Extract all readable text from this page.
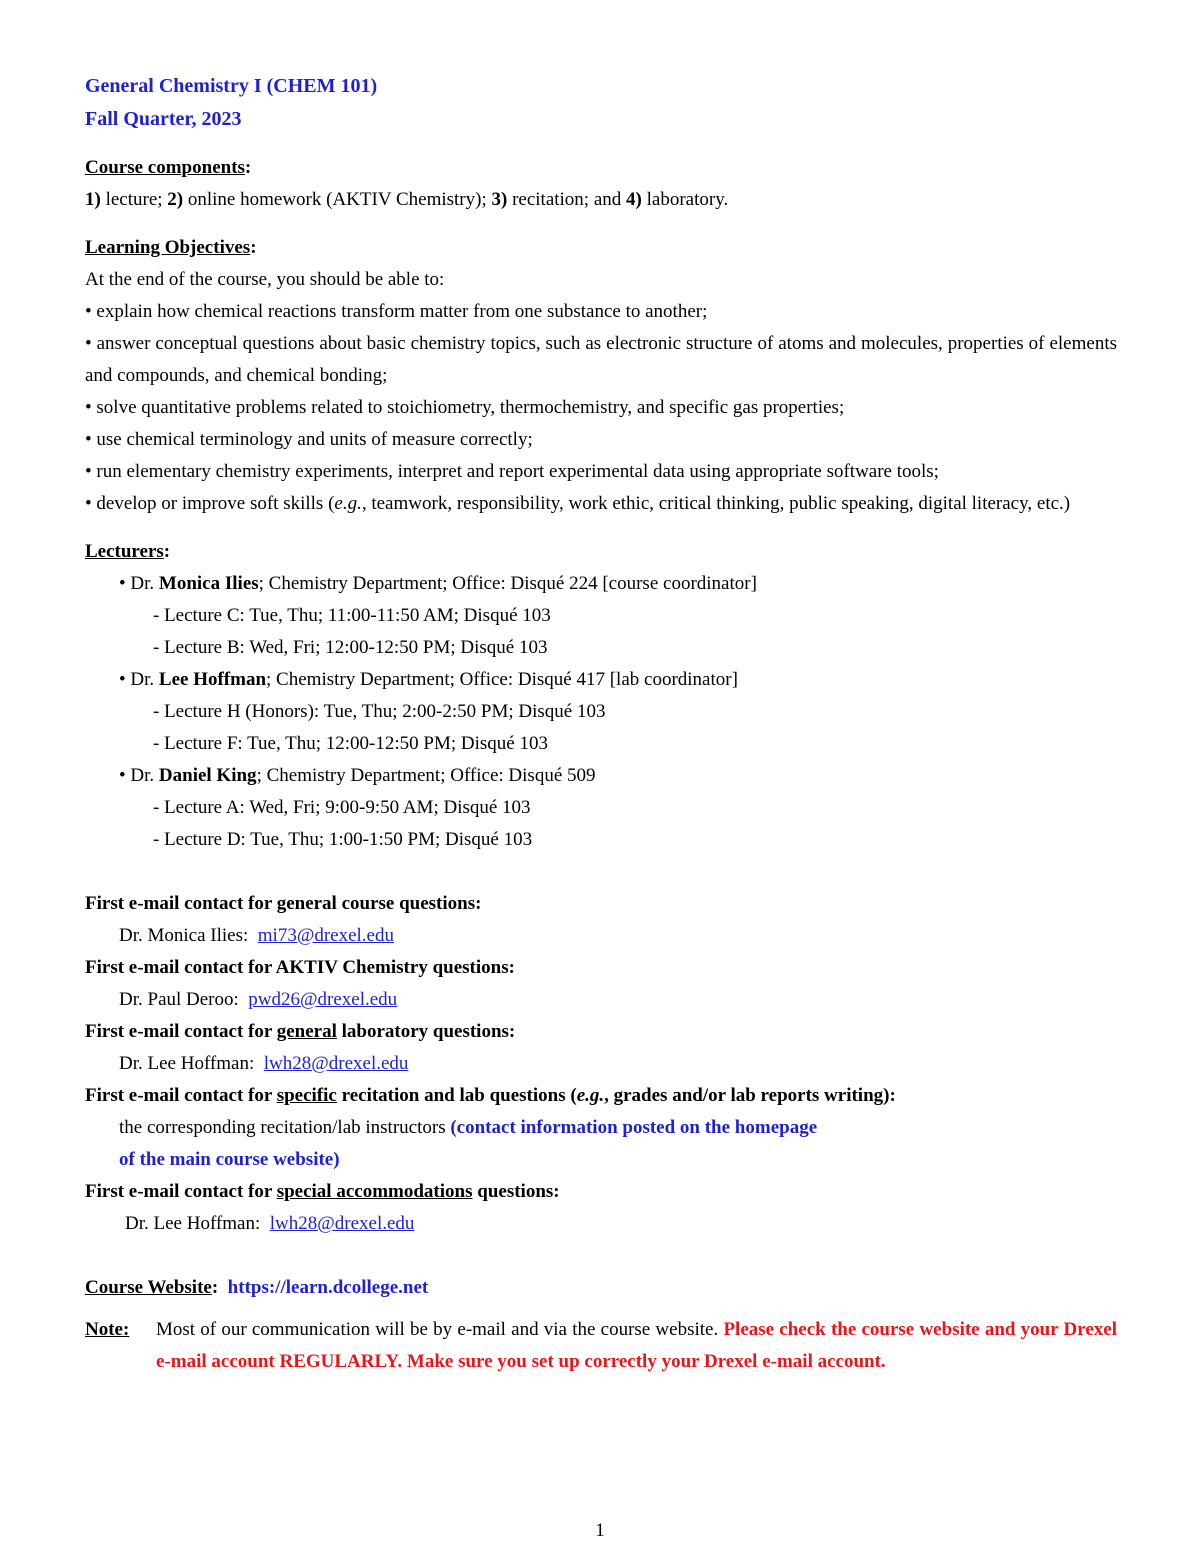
General Chemistry I (CHEM 101)
Fall Quarter, 2023
Course components:
1) lecture; 2) online homework (AKTIV Chemistry); 3) recitation; and 4) laboratory.
Learning Objectives:
At the end of the course, you should be able to:
• explain how chemical reactions transform matter from one substance to another;
• answer conceptual questions about basic chemistry topics, such as electronic structure of atoms and molecules, properties of elements and compounds, and chemical bonding;
• solve quantitative problems related to stoichiometry, thermochemistry, and specific gas properties;
• use chemical terminology and units of measure correctly;
• run elementary chemistry experiments, interpret and report experimental data using appropriate software tools;
• develop or improve soft skills (e.g., teamwork, responsibility, work ethic, critical thinking, public speaking, digital literacy, etc.)
Lecturers:
• Dr. Monica Ilies; Chemistry Department; Office: Disqué 224 [course coordinator]
- Lecture C: Tue, Thu; 11:00-11:50 AM; Disqué 103
- Lecture B: Wed, Fri; 12:00-12:50 PM; Disqué 103
• Dr. Lee Hoffman; Chemistry Department; Office: Disqué 417 [lab coordinator]
- Lecture H (Honors): Tue, Thu; 2:00-2:50 PM; Disqué 103
- Lecture F: Tue, Thu; 12:00-12:50 PM; Disqué 103
• Dr. Daniel King; Chemistry Department; Office: Disqué 509
- Lecture A: Wed, Fri; 9:00-9:50 AM; Disqué 103
- Lecture D: Tue, Thu; 1:00-1:50 PM; Disqué 103
First e-mail contact for general course questions:
Dr. Monica Ilies: mi73@drexel.edu
First e-mail contact for AKTIV Chemistry questions:
Dr. Paul Deroo: pwd26@drexel.edu
First e-mail contact for general laboratory questions:
Dr. Lee Hoffman: lwh28@drexel.edu
First e-mail contact for specific recitation and lab questions (e.g., grades and/or lab reports writing):
the corresponding recitation/lab instructors (contact information posted on the homepage
of the main course website)
First e-mail contact for special accommodations questions:
Dr. Lee Hoffman: lwh28@drexel.edu
Course Website: https://learn.dcollege.net
Note:	Most of our communication will be by e-mail and via the course website. Please check the course website and your Drexel e-mail account REGULARLY. Make sure you set up correctly your Drexel e-mail account.
1
